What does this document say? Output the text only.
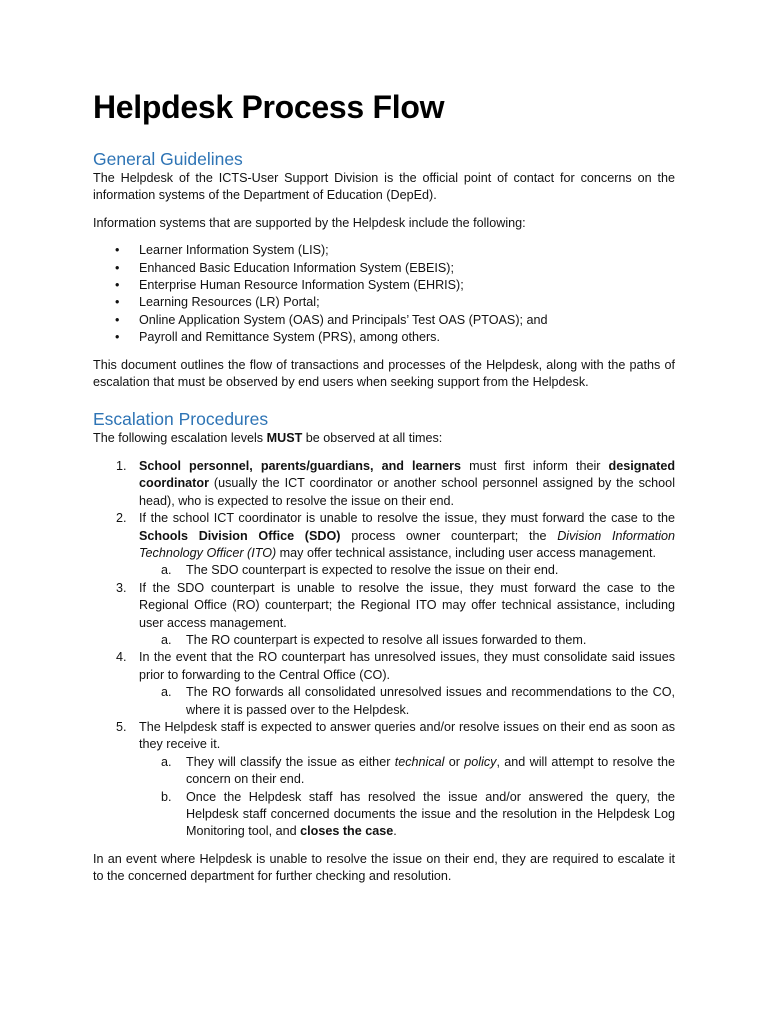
Helpdesk Process Flow
General Guidelines

The Helpdesk of the ICTS-User Support Division is the official point of contact for concerns on the information systems of the Department of Education (DepEd).

Information systems that are supported by the Helpdesk include the following:

• Learner Information System (LIS);
• Enhanced Basic Education Information System (EBEIS);
• Enterprise Human Resource Information System (EHRIS);
• Learning Resources (LR) Portal;
• Online Application System (OAS) and Principals’ Test OAS (PTOAS); and
• Payroll and Remittance System (PRS), among others.

This document outlines the flow of transactions and processes of the Helpdesk, along with the paths of escalation that must be observed by end users when seeking support from the Helpdesk.

Escalation Procedures

The following escalation levels MUST be observed at all times:

1. School personnel, parents/guardians, and learners must first inform their designated coordinator (usually the ICT coordinator or another school personnel assigned by the school head), who is expected to resolve the issue on their end.
2. If the school ICT coordinator is unable to resolve the issue, they must forward the case to the Schools Division Office (SDO) process owner counterpart; the Division Information Technology Officer (ITO) may offer technical assistance, including user access management.
a. The SDO counterpart is expected to resolve the issue on their end.
3. If the SDO counterpart is unable to resolve the issue, they must forward the case to the Regional Office (RO) counterpart; the Regional ITO may offer technical assistance, including user access management.
a. The RO counterpart is expected to resolve all issues forwarded to them.
4. In the event that the RO counterpart has unresolved issues, they must consolidate said issues prior to forwarding to the Central Office (CO).
a. The RO forwards all consolidated unresolved issues and recommendations to the CO, where it is passed over to the Helpdesk.
5. The Helpdesk staff is expected to answer queries and/or resolve issues on their end as soon as they receive it.
a. They will classify the issue as either technical or policy, and will attempt to resolve the concern on their end.
b. Once the Helpdesk staff has resolved the issue and/or answered the query, the Helpdesk staff concerned documents the issue and the resolution in the Helpdesk Log Monitoring tool, and closes the case.

In an event where Helpdesk is unable to resolve the issue on their end, they are required to escalate it to the concerned department for further checking and resolution.
